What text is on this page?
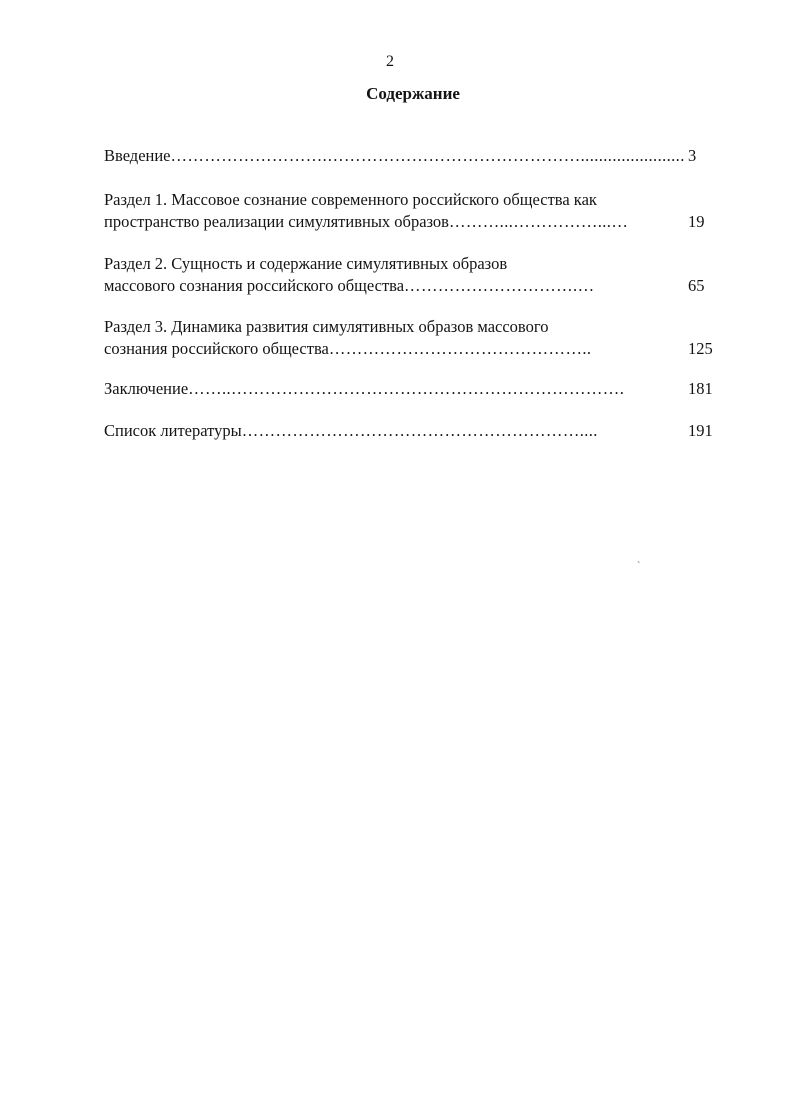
2
Содержание
Введение……………………….………………………………………....................... 3
Раздел 1. Массовое сознание современного российского общества как
пространство реализации симулятивных образов………...……………...…	19
Раздел 2. Сущность и содержание симулятивных образов
массового сознания российского общества………………………….…	65
Раздел 3. Динамика развития симулятивных образов массового
сознания российского общества………………………………………..	125
Заключение……..…………………………………………………………….	181
Список литературы……………………………………………………....	191
ˋ
